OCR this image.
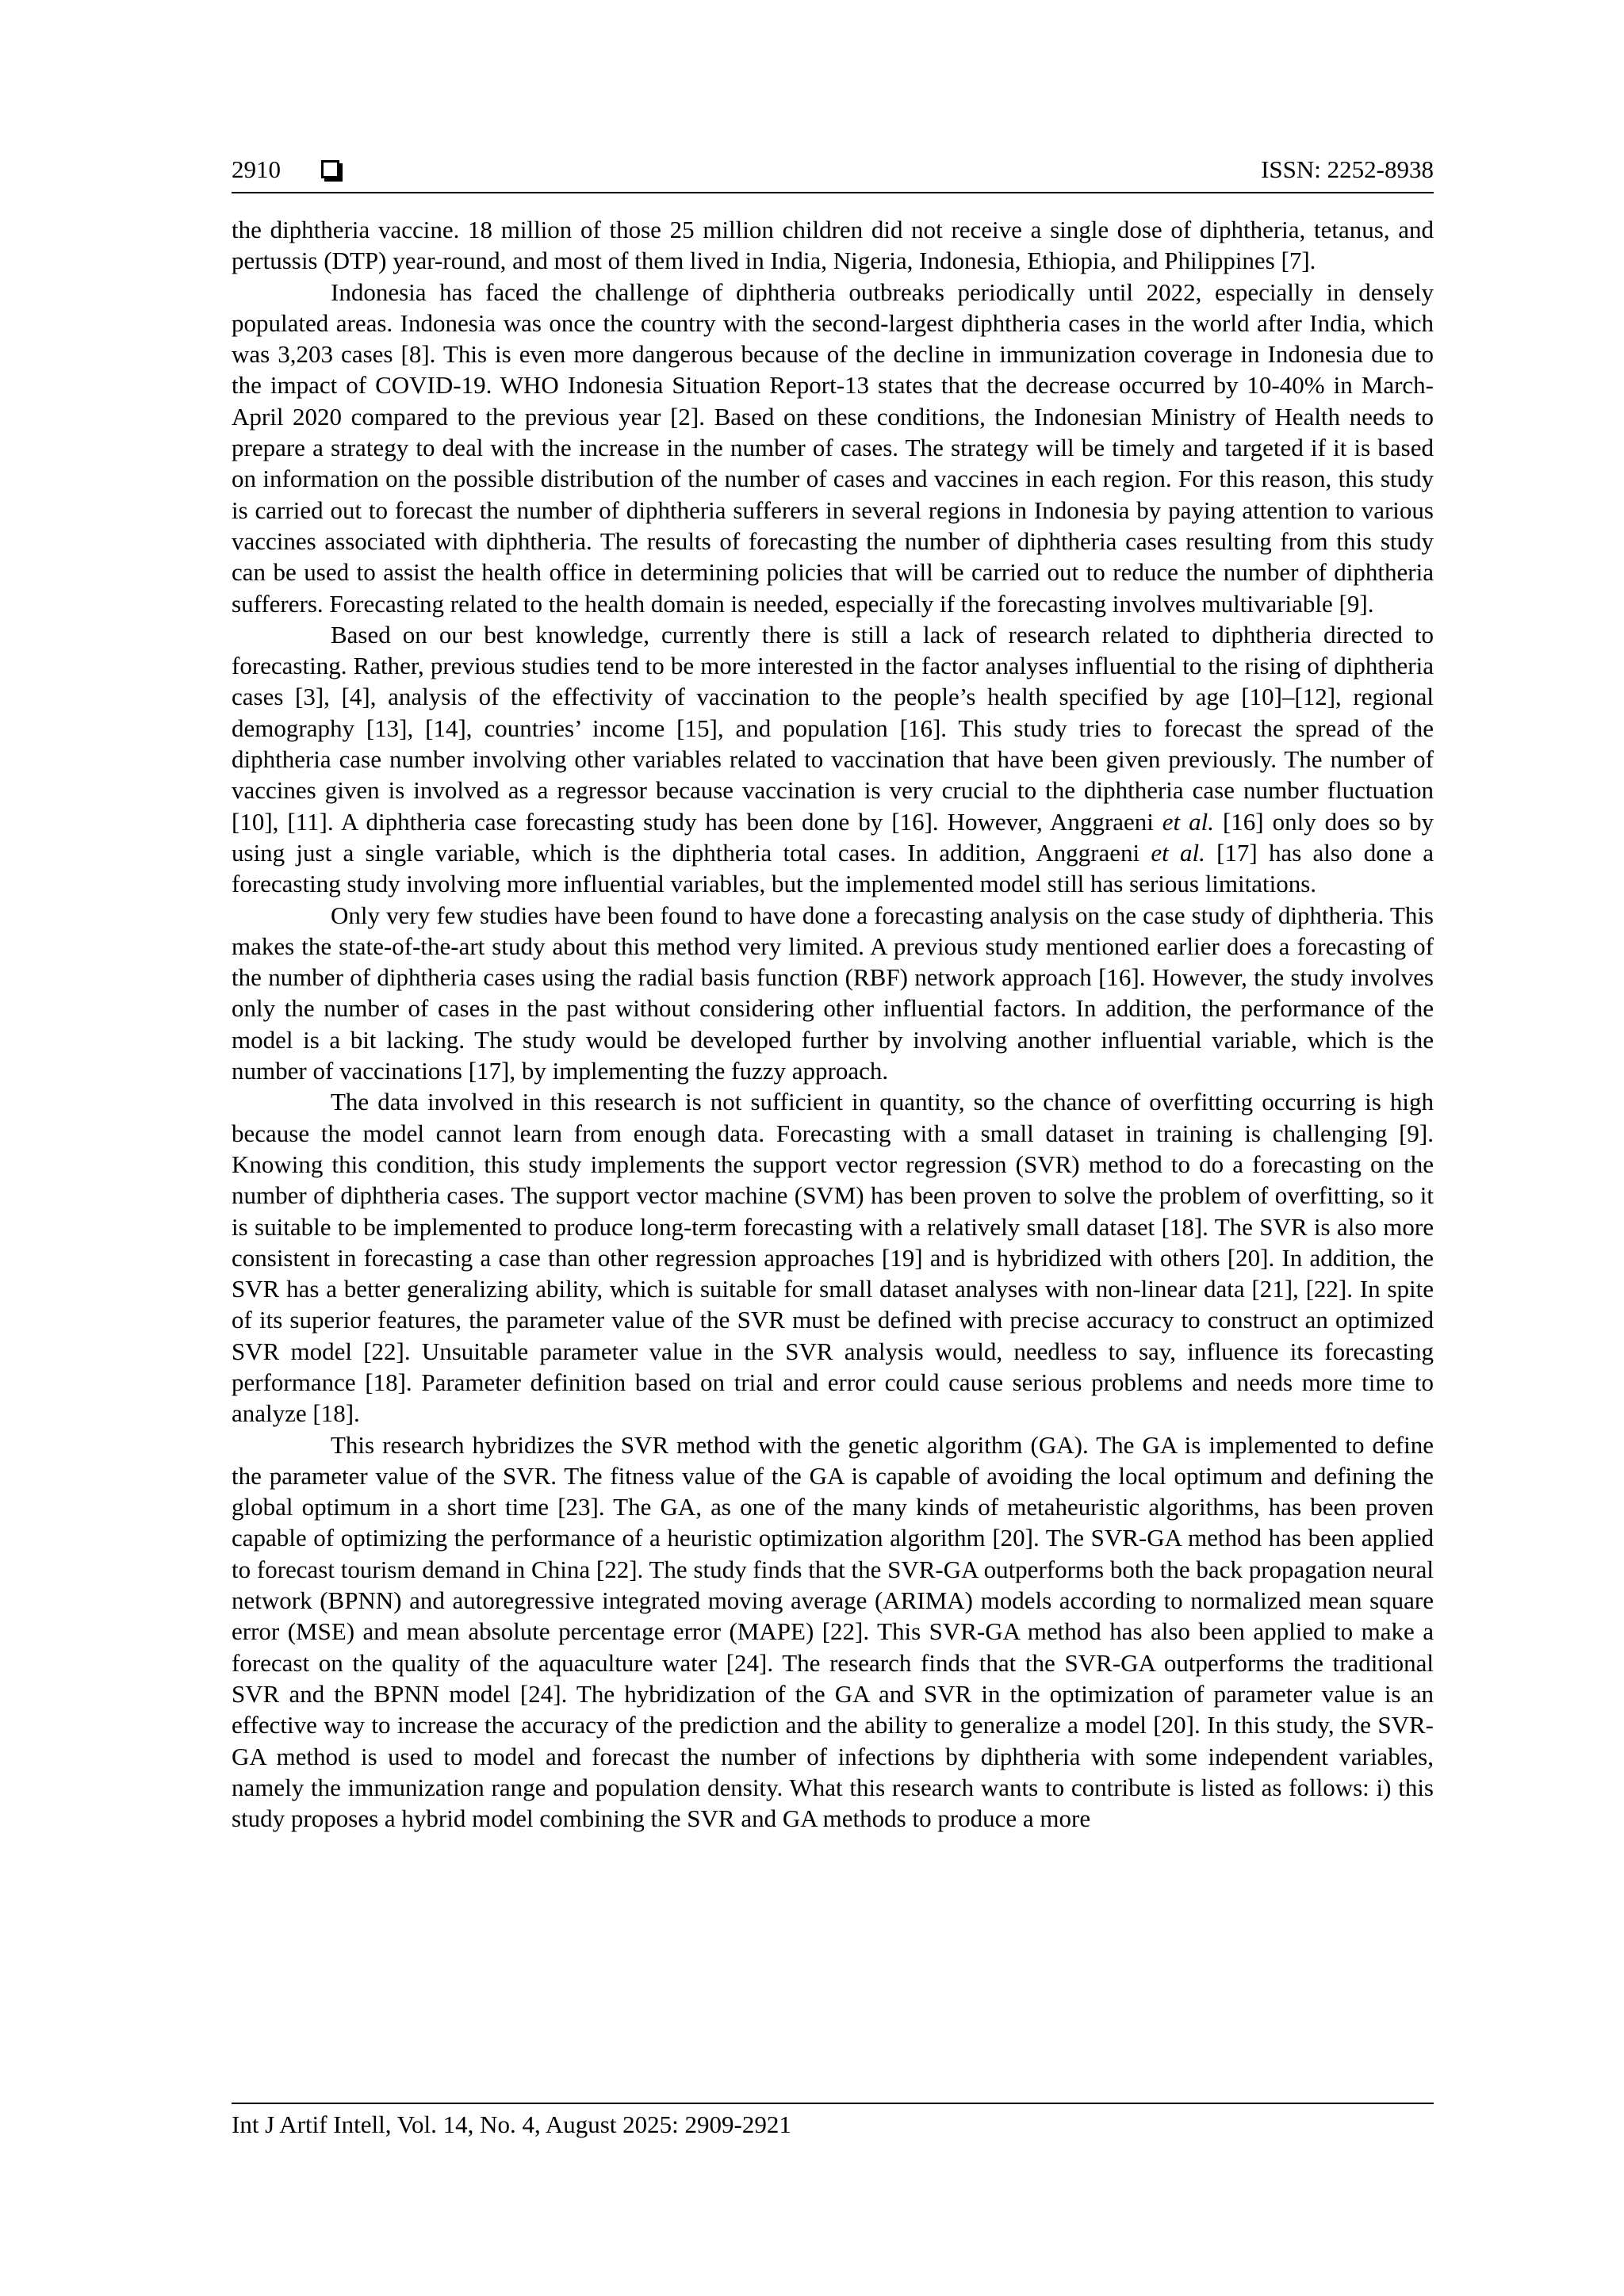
2910	ISSN: 2252-8938

the diphtheria vaccine. 18 million of those 25 million children did not receive a single dose of diphtheria, tetanus, and pertussis (DTP) year-round, and most of them lived in India, Nigeria, Indonesia, Ethiopia, and Philippines [7].

Indonesia has faced the challenge of diphtheria outbreaks periodically until 2022, especially in densely populated areas. Indonesia was once the country with the second-largest diphtheria cases in the world after India, which was 3,203 cases [8]. This is even more dangerous because of the decline in immunization coverage in Indonesia due to the impact of COVID-19. WHO Indonesia Situation Report-13 states that the decrease occurred by 10-40% in March-April 2020 compared to the previous year [2]. Based on these conditions, the Indonesian Ministry of Health needs to prepare a strategy to deal with the increase in the number of cases. The strategy will be timely and targeted if it is based on information on the possible distribution of the number of cases and vaccines in each region. For this reason, this study is carried out to forecast the number of diphtheria sufferers in several regions in Indonesia by paying attention to various vaccines associated with diphtheria. The results of forecasting the number of diphtheria cases resulting from this study can be used to assist the health office in determining policies that will be carried out to reduce the number of diphtheria sufferers. Forecasting related to the health domain is needed, especially if the forecasting involves multivariable [9].

Based on our best knowledge, currently there is still a lack of research related to diphtheria directed to forecasting. Rather, previous studies tend to be more interested in the factor analyses influential to the rising of diphtheria cases [3], [4], analysis of the effectivity of vaccination to the people’s health specified by age [10]–[12], regional demography [13], [14], countries’ income [15], and population [16]. This study tries to forecast the spread of the diphtheria case number involving other variables related to vaccination that have been given previously. The number of vaccines given is involved as a regressor because vaccination is very crucial to the diphtheria case number fluctuation [10], [11]. A diphtheria case forecasting study has been done by [16]. However, Anggraeni et al. [16] only does so by using just a single variable, which is the diphtheria total cases. In addition, Anggraeni et al. [17] has also done a forecasting study involving more influential variables, but the implemented model still has serious limitations.

Only very few studies have been found to have done a forecasting analysis on the case study of diphtheria. This makes the state-of-the-art study about this method very limited. A previous study mentioned earlier does a forecasting of the number of diphtheria cases using the radial basis function (RBF) network approach [16]. However, the study involves only the number of cases in the past without considering other influential factors. In addition, the performance of the model is a bit lacking. The study would be developed further by involving another influential variable, which is the number of vaccinations [17], by implementing the fuzzy approach.

The data involved in this research is not sufficient in quantity, so the chance of overfitting occurring is high because the model cannot learn from enough data. Forecasting with a small dataset in training is challenging [9]. Knowing this condition, this study implements the support vector regression (SVR) method to do a forecasting on the number of diphtheria cases. The support vector machine (SVM) has been proven to solve the problem of overfitting, so it is suitable to be implemented to produce long-term forecasting with a relatively small dataset [18]. The SVR is also more consistent in forecasting a case than other regression approaches [19] and is hybridized with others [20]. In addition, the SVR has a better generalizing ability, which is suitable for small dataset analyses with non-linear data [21], [22]. In spite of its superior features, the parameter value of the SVR must be defined with precise accuracy to construct an optimized SVR model [22]. Unsuitable parameter value in the SVR analysis would, needless to say, influence its forecasting performance [18]. Parameter definition based on trial and error could cause serious problems and needs more time to analyze [18].

This research hybridizes the SVR method with the genetic algorithm (GA). The GA is implemented to define the parameter value of the SVR. The fitness value of the GA is capable of avoiding the local optimum and defining the global optimum in a short time [23]. The GA, as one of the many kinds of metaheuristic algorithms, has been proven capable of optimizing the performance of a heuristic optimization algorithm [20]. The SVR-GA method has been applied to forecast tourism demand in China [22]. The study finds that the SVR-GA outperforms both the back propagation neural network (BPNN) and autoregressive integrated moving average (ARIMA) models according to normalized mean square error (MSE) and mean absolute percentage error (MAPE) [22]. This SVR-GA method has also been applied to make a forecast on the quality of the aquaculture water [24]. The research finds that the SVR-GA outperforms the traditional SVR and the BPNN model [24]. The hybridization of the GA and SVR in the optimization of parameter value is an effective way to increase the accuracy of the prediction and the ability to generalize a model [20]. In this study, the SVR-GA method is used to model and forecast the number of infections by diphtheria with some independent variables, namely the immunization range and population density. What this research wants to contribute is listed as follows: i) this study proposes a hybrid model combining the SVR and GA methods to produce a more

Int J Artif Intell, Vol. 14, No. 4, August 2025: 2909-2921
